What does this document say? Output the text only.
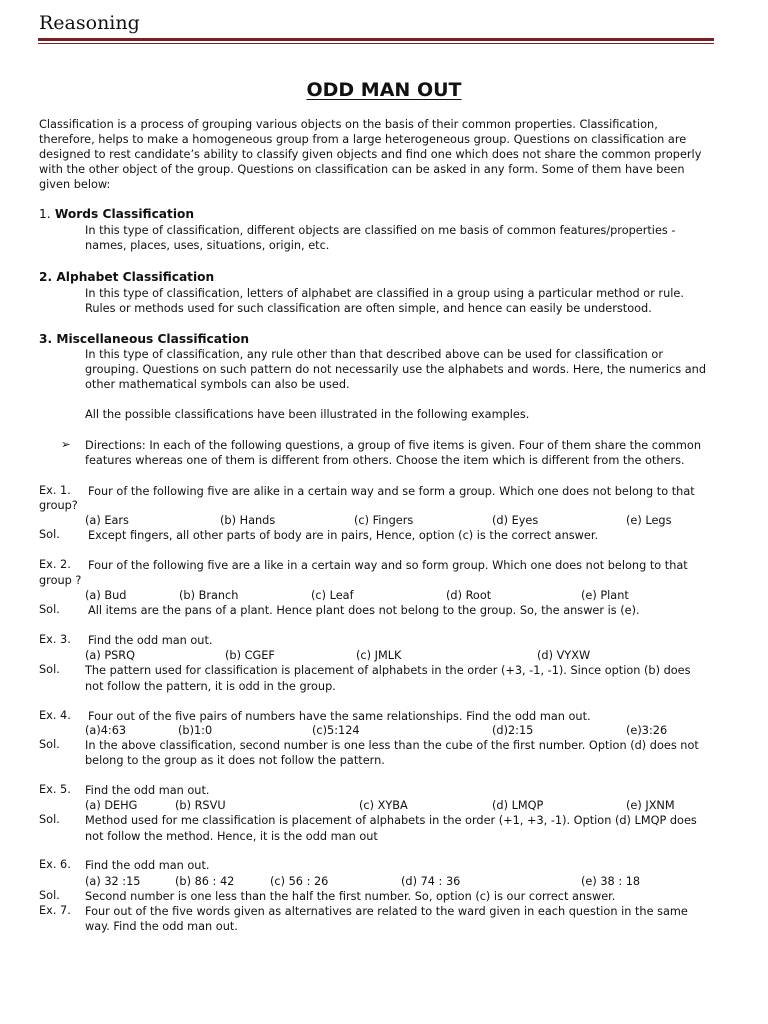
Reasoning
ODD MAN OUT
Classification is a process of grouping various objects on the basis of their common properties. Classification,
therefore, helps to make a homogeneous group from a large heterogeneous group. Questions on classification are
designed to rest candidate’s ability to classify given objects and find one which does not share the common properly
with the other object of the group. Questions on classification can be asked in any form. Some of them have been
given below:
1. Words Classification
In this type of classification, different objects are classified on me basis of common features/properties -
names, places, uses, situations, origin, etc.
2. Alphabet Classification
In this type of classification, letters of alphabet are classified in a group using a particular method or rule.
Rules or methods used for such classification are often simple, and hence can easily be understood.
3. Miscellaneous Classification
In this type of classification, any rule other than that described above can be used for classification or
grouping. Questions on such pattern do not necessarily use the alphabets and words. Here, the numerics and
other mathematical symbols can also be used.
All the possible classifications have been illustrated in the following examples.
➢ Directions: In each of the following questions, a group of five items is given. Four of them share the common
features whereas one of them is different from others. Choose the item which is different from the others.
Ex. 1. Four of the following five are alike in a certain way and se form a group. Which one does not belong to that
group?
(a) Ears	(b) Hands	(c) Fingers	(d) Eyes	(e) Legs
Sol. Except fingers, all other parts of body are in pairs, Hence, option (c) is the correct answer.
Ex. 2. Four of the following five are a like in a certain way and so form group. Which one does not belong to that
group ?
(a) Bud	(b) Branch	(c) Leaf	(d) Root	(e) Plant
Sol. All items are the pans of a plant. Hence plant does not belong to the group. So, the answer is (e).
Ex. 3. Find the odd man out.
(a) PSRQ	(b) CGEF	(c) JMLK	(d) VYXW
Sol. The pattern used for classification is placement of alphabets in the order (+3, -1, -1). Since option (b) does
not follow the pattern, it is odd in the group.
Ex. 4. Four out of the five pairs of numbers have the same relationships. Find the odd man out.
(a)4:63	(b)1:0	(c)5:124	(d)2:15	(e)3:26
Sol. In the above classification, second number is one less than the cube of the first number. Option (d) does not
belong to the group as it does not follow the pattern.
Ex. 5. Find the odd man out.
(a) DEHG	(b) RSVU	(c) XYBA	(d) LMQP	(e) JXNM
Sol. Method used for me classification is placement of alphabets in the order (+1, +3, -1). Option (d) LMQP does
not follow the method. Hence, it is the odd man out
Ex. 6. Find the odd man out.
(a) 32 :15	(b) 86 : 42	(c) 56 : 26	(d) 74 : 36	(e) 38 : 18
Sol. Second number is one less than the half the first number. So, option (c) is our correct answer.
Ex. 7. Four out of the five words given as alternatives are related to the ward given in each question in the same
way. Find the odd man out.
